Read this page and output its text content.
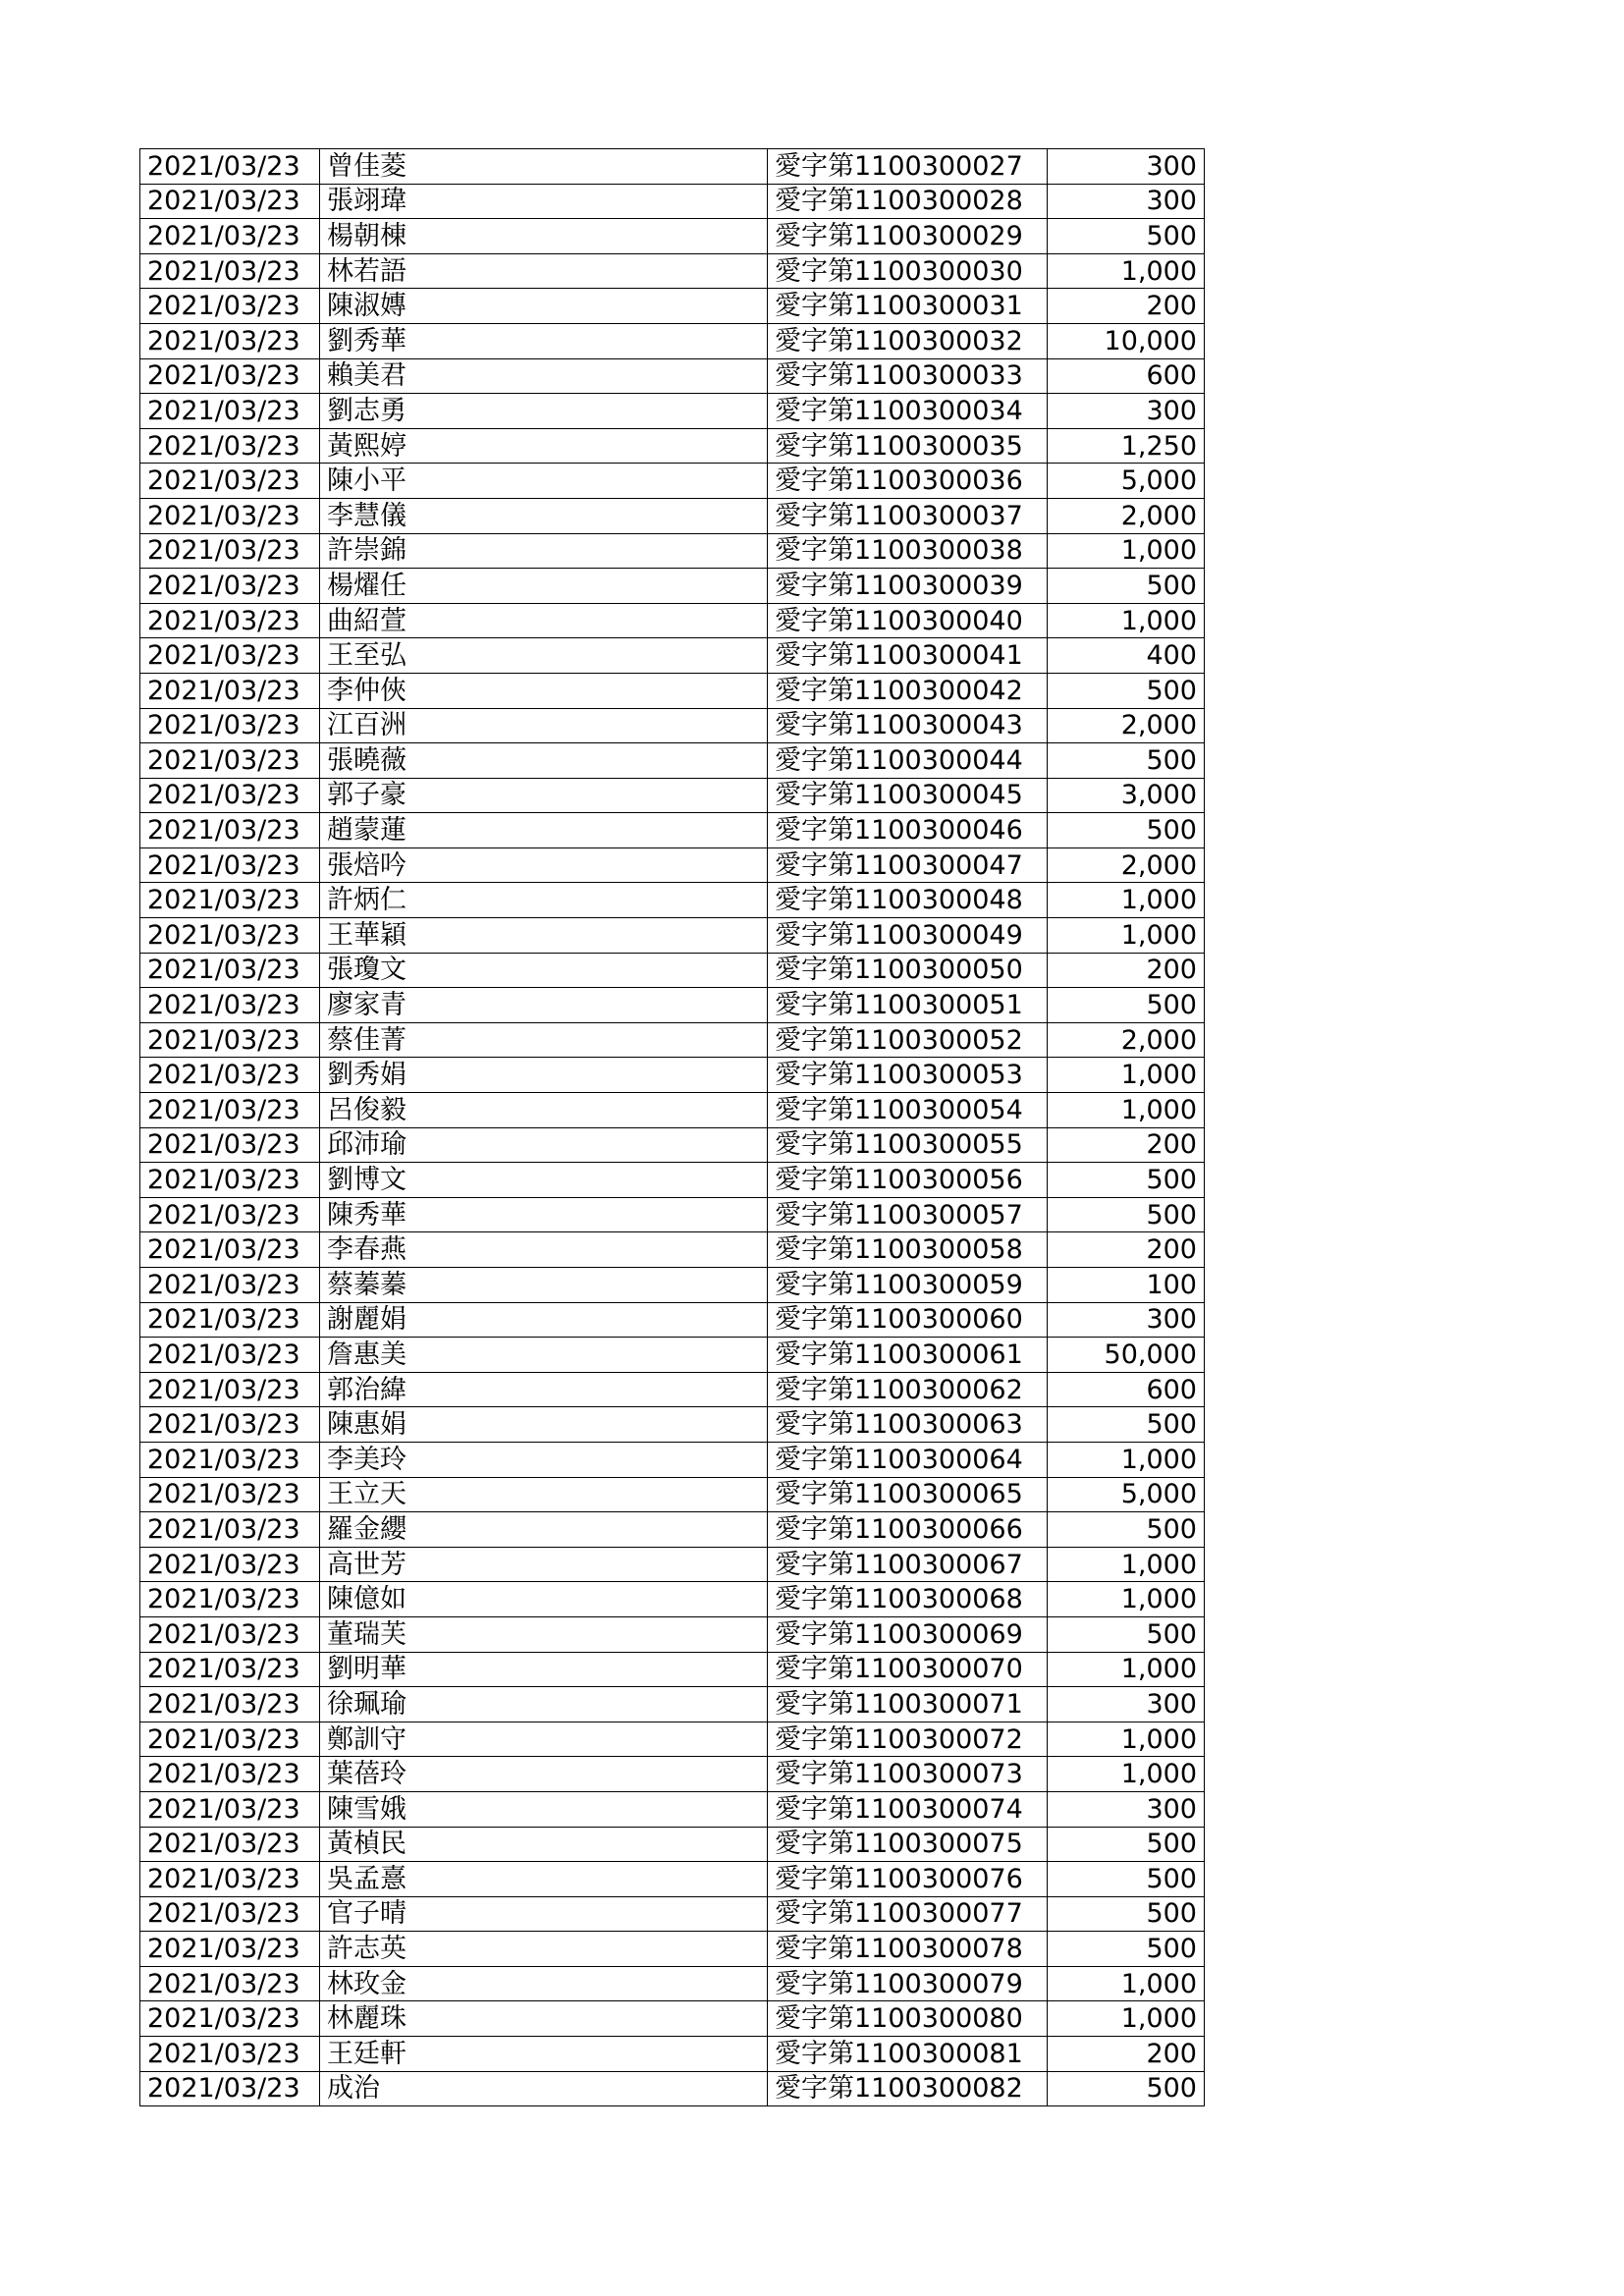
2021/03/23	曾佳菱	愛字第1100300027	300
2021/03/23	張翊瑋	愛字第1100300028	300
2021/03/23	楊朝棟	愛字第1100300029	500
2021/03/23	林若語	愛字第1100300030	1,000
2021/03/23	陳淑嫥	愛字第1100300031	200
2021/03/23	劉秀華	愛字第1100300032	10,000
2021/03/23	賴美君	愛字第1100300033	600
2021/03/23	劉志勇	愛字第1100300034	300
2021/03/23	黃熙婷	愛字第1100300035	1,250
2021/03/23	陳小平	愛字第1100300036	5,000
2021/03/23	李慧儀	愛字第1100300037	2,000
2021/03/23	許崇錦	愛字第1100300038	1,000
2021/03/23	楊燿任	愛字第1100300039	500
2021/03/23	曲紹萱	愛字第1100300040	1,000
2021/03/23	王至弘	愛字第1100300041	400
2021/03/23	李仲俠	愛字第1100300042	500
2021/03/23	江百洲	愛字第1100300043	2,000
2021/03/23	張曉薇	愛字第1100300044	500
2021/03/23	郭子豪	愛字第1100300045	3,000
2021/03/23	趙蒙蓮	愛字第1100300046	500
2021/03/23	張焙吟	愛字第1100300047	2,000
2021/03/23	許炳仁	愛字第1100300048	1,000
2021/03/23	王華穎	愛字第1100300049	1,000
2021/03/23	張瓊文	愛字第1100300050	200
2021/03/23	廖家青	愛字第1100300051	500
2021/03/23	蔡佳菁	愛字第1100300052	2,000
2021/03/23	劉秀娟	愛字第1100300053	1,000
2021/03/23	呂俊毅	愛字第1100300054	1,000
2021/03/23	邱沛瑜	愛字第1100300055	200
2021/03/23	劉博文	愛字第1100300056	500
2021/03/23	陳秀華	愛字第1100300057	500
2021/03/23	李春燕	愛字第1100300058	200
2021/03/23	蔡蓁蓁	愛字第1100300059	100
2021/03/23	謝麗娟	愛字第1100300060	300
2021/03/23	詹惠美	愛字第1100300061	50,000
2021/03/23	郭治緯	愛字第1100300062	600
2021/03/23	陳惠娟	愛字第1100300063	500
2021/03/23	李美玲	愛字第1100300064	1,000
2021/03/23	王立天	愛字第1100300065	5,000
2021/03/23	羅金纓	愛字第1100300066	500
2021/03/23	高世芳	愛字第1100300067	1,000
2021/03/23	陳億如	愛字第1100300068	1,000
2021/03/23	董瑞芙	愛字第1100300069	500
2021/03/23	劉明華	愛字第1100300070	1,000
2021/03/23	徐珮瑜	愛字第1100300071	300
2021/03/23	鄭訓守	愛字第1100300072	1,000
2021/03/23	葉蓓玲	愛字第1100300073	1,000
2021/03/23	陳雪娥	愛字第1100300074	300
2021/03/23	黃楨民	愛字第1100300075	500
2021/03/23	吳孟憙	愛字第1100300076	500
2021/03/23	官子晴	愛字第1100300077	500
2021/03/23	許志英	愛字第1100300078	500
2021/03/23	林玫金	愛字第1100300079	1,000
2021/03/23	林麗珠	愛字第1100300080	1,000
2021/03/23	王廷軒	愛字第1100300081	200
2021/03/23	成治	愛字第1100300082	500
